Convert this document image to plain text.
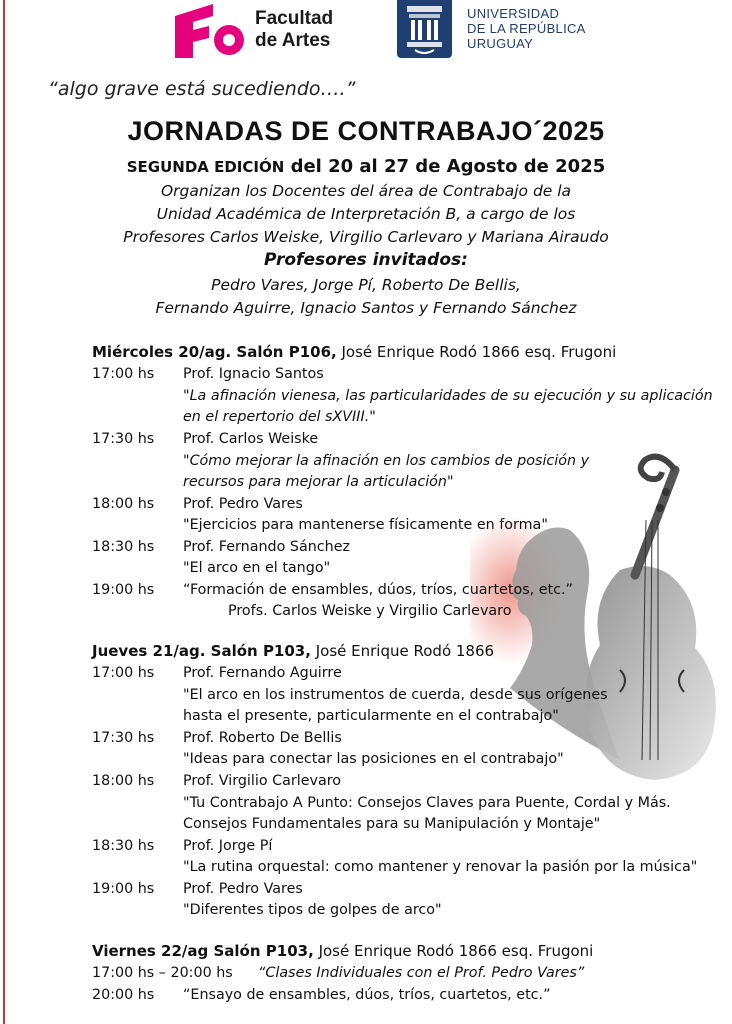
Facultad
de Artes
UNIVERSIDAD
DE LA REPÚBLICA
URUGUAY
“algo grave está sucediendo….”
JORNADAS DE CONTRABAJO´2025
SEGUNDA EDICIÓN del 20 al 27 de Agosto de 2025
Organizan los Docentes del área de Contrabajo de la
Unidad Académica de Interpretación B, a cargo de los
Profesores Carlos Weiske, Virgilio Carlevaro y Mariana Airaudo
Profesores invitados:
Pedro Vares, Jorge Pí, Roberto De Bellis,
Fernando Aguirre, Ignacio Santos y Fernando Sánchez
Miércoles 20/ag. Salón P106, José Enrique Rodó 1866 esq. Frugoni
17:00 hs Prof. Ignacio Santos
"La afinación vienesa, las particularidades de su ejecución y su aplicación
en el repertorio del sXVIII."
17:30 hs Prof. Carlos Weiske
"Cómo mejorar la afinación en los cambios de posición y
recursos para mejorar la articulación"
18:00 hs Prof. Pedro Vares
"Ejercicios para mantenerse físicamente en forma"
18:30 hs Prof. Fernando Sánchez
"El arco en el tango"
19:00 hs “Formación de ensambles, dúos, tríos, cuartetos, etc.”
Profs. Carlos Weiske y Virgilio Carlevaro
Jueves 21/ag. Salón P103, José Enrique Rodó 1866
17:00 hs Prof. Fernando Aguirre
"El arco en los instrumentos de cuerda, desde sus orígenes
hasta el presente, particularmente en el contrabajo"
17:30 hs Prof. Roberto De Bellis
"Ideas para conectar las posiciones en el contrabajo"
18:00 hs Prof. Virgilio Carlevaro
"Tu Contrabajo A Punto: Consejos Claves para Puente, Cordal y Más.
Consejos Fundamentales para su Manipulación y Montaje"
18:30 hs Prof. Jorge Pí
"La rutina orquestal: como mantener y renovar la pasión por la música"
19:00 hs Prof. Pedro Vares
"Diferentes tipos de golpes de arco"
Viernes 22/ag Salón P103, José Enrique Rodó 1866 esq. Frugoni
17:00 hs – 20:00 hs “Clases Individuales con el Prof. Pedro Vares”
20:00 hs “Ensayo de ensambles, dúos, tríos, cuartetos, etc.”
